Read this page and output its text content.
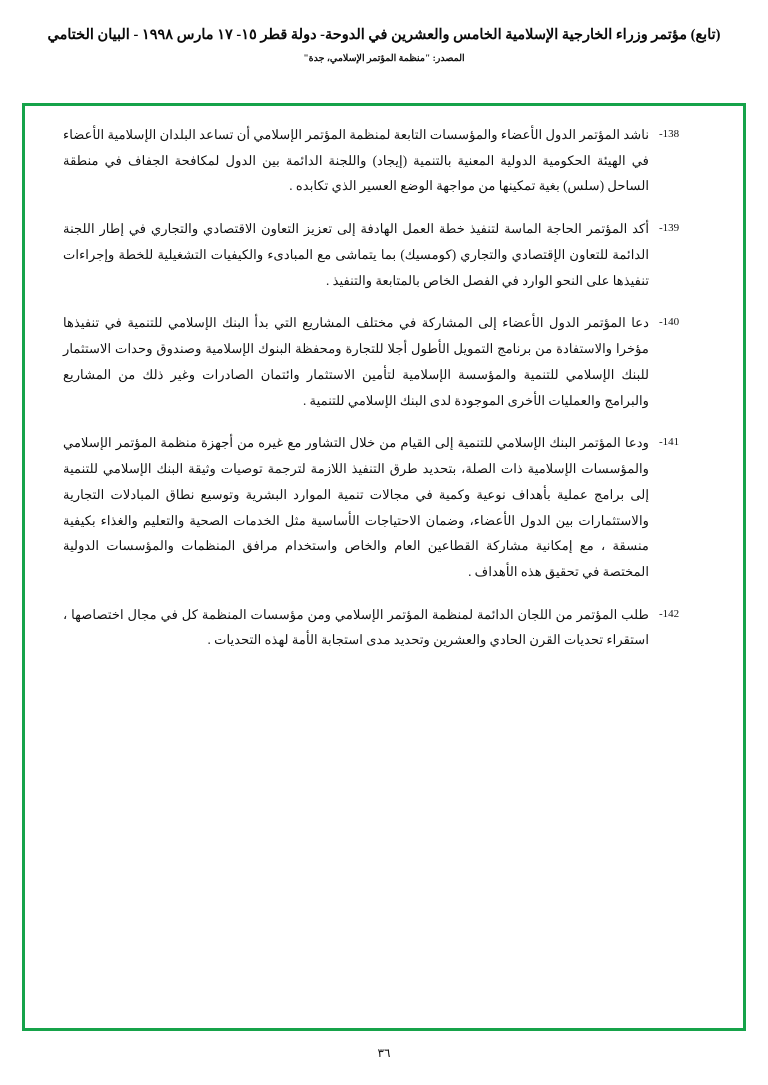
(تابع) مؤتمر وزراء الخارجية الإسلامية الخامس والعشرين في الدوحة- دولة قطر ١٥- ١٧ مارس ١٩٩٨ - البيان الختامي
المصدر: "منظمة المؤتمر الإسلامي، جدة"
-138
ناشد المؤتمر الدول الأعضاء والمؤسسات التابعة لمنظمة المؤتمر الإسلامي أن تساعد البلدان الإسلامية الأعضاء في الهيئة الحكومية الدولية المعنية بالتنمية (إيجاد) واللجنة الدائمة بين الدول لمكافحة الجفاف في منطقة الساحل (سلس) بغية تمكينها من مواجهة الوضع العسير الذي تكابده .
-139
أكد المؤتمر الحاجة الماسة لتنفيذ خطة العمل الهادفة إلى تعزيز التعاون الاقتصادي والتجاري في إطار اللجنة الدائمة للتعاون الإقتصادي والتجاري (كومسيك) بما يتماشى مع المبادىء والكيفيات التشغيلية للخطة وإجراءات تنفيذها على النحو الوارد في الفصل الخاص بالمتابعة والتنفيذ .
-140
دعا المؤتمر الدول الأعضاء إلى المشاركة في مختلف المشاريع التي بدأ البنك الإسلامي للتنمية في تنفيذها مؤخرا والاستفادة من برنامج التمويل الأطول أجلا للتجارة ومحفظة البنوك الإسلامية وصندوق وحدات الاستثمار للبنك الإسلامي للتنمية والمؤسسة الإسلامية لتأمين الاستثمار وائتمان الصادرات وغير ذلك من المشاريع والبرامج والعمليات الأخرى الموجودة لدى البنك الإسلامي للتنمية .
-141
ودعا المؤتمر البنك الإسلامي للتنمية إلى القيام من خلال التشاور مع غيره من أجهزة منظمة المؤتمر الإسلامي والمؤسسات الإسلامية ذات الصلة، بتحديد طرق التنفيذ اللازمة لترجمة توصيات وثيقة البنك الإسلامي للتنمية إلى برامج عملية بأهداف نوعية وكمية في مجالات تنمية الموارد البشرية وتوسيع نطاق المبادلات التجارية والاستثمارات بين الدول الأعضاء، وضمان الاحتياجات الأساسية مثل الخدمات الصحية والتعليم والغذاء بكيفية منسقة ، مع إمكانية مشاركة القطاعين العام والخاص واستخدام مرافق المنظمات والمؤسسات الدولية المختصة في تحقيق هذه الأهداف .
-142
طلب المؤتمر من اللجان الدائمة لمنظمة المؤتمر الإسلامي ومن مؤسسات المنظمة كل في مجال اختصاصها ، استقراء تحديات القرن الحادي والعشرين وتحديد مدى استجابة الأمة لهذه التحديات .
٣٦
